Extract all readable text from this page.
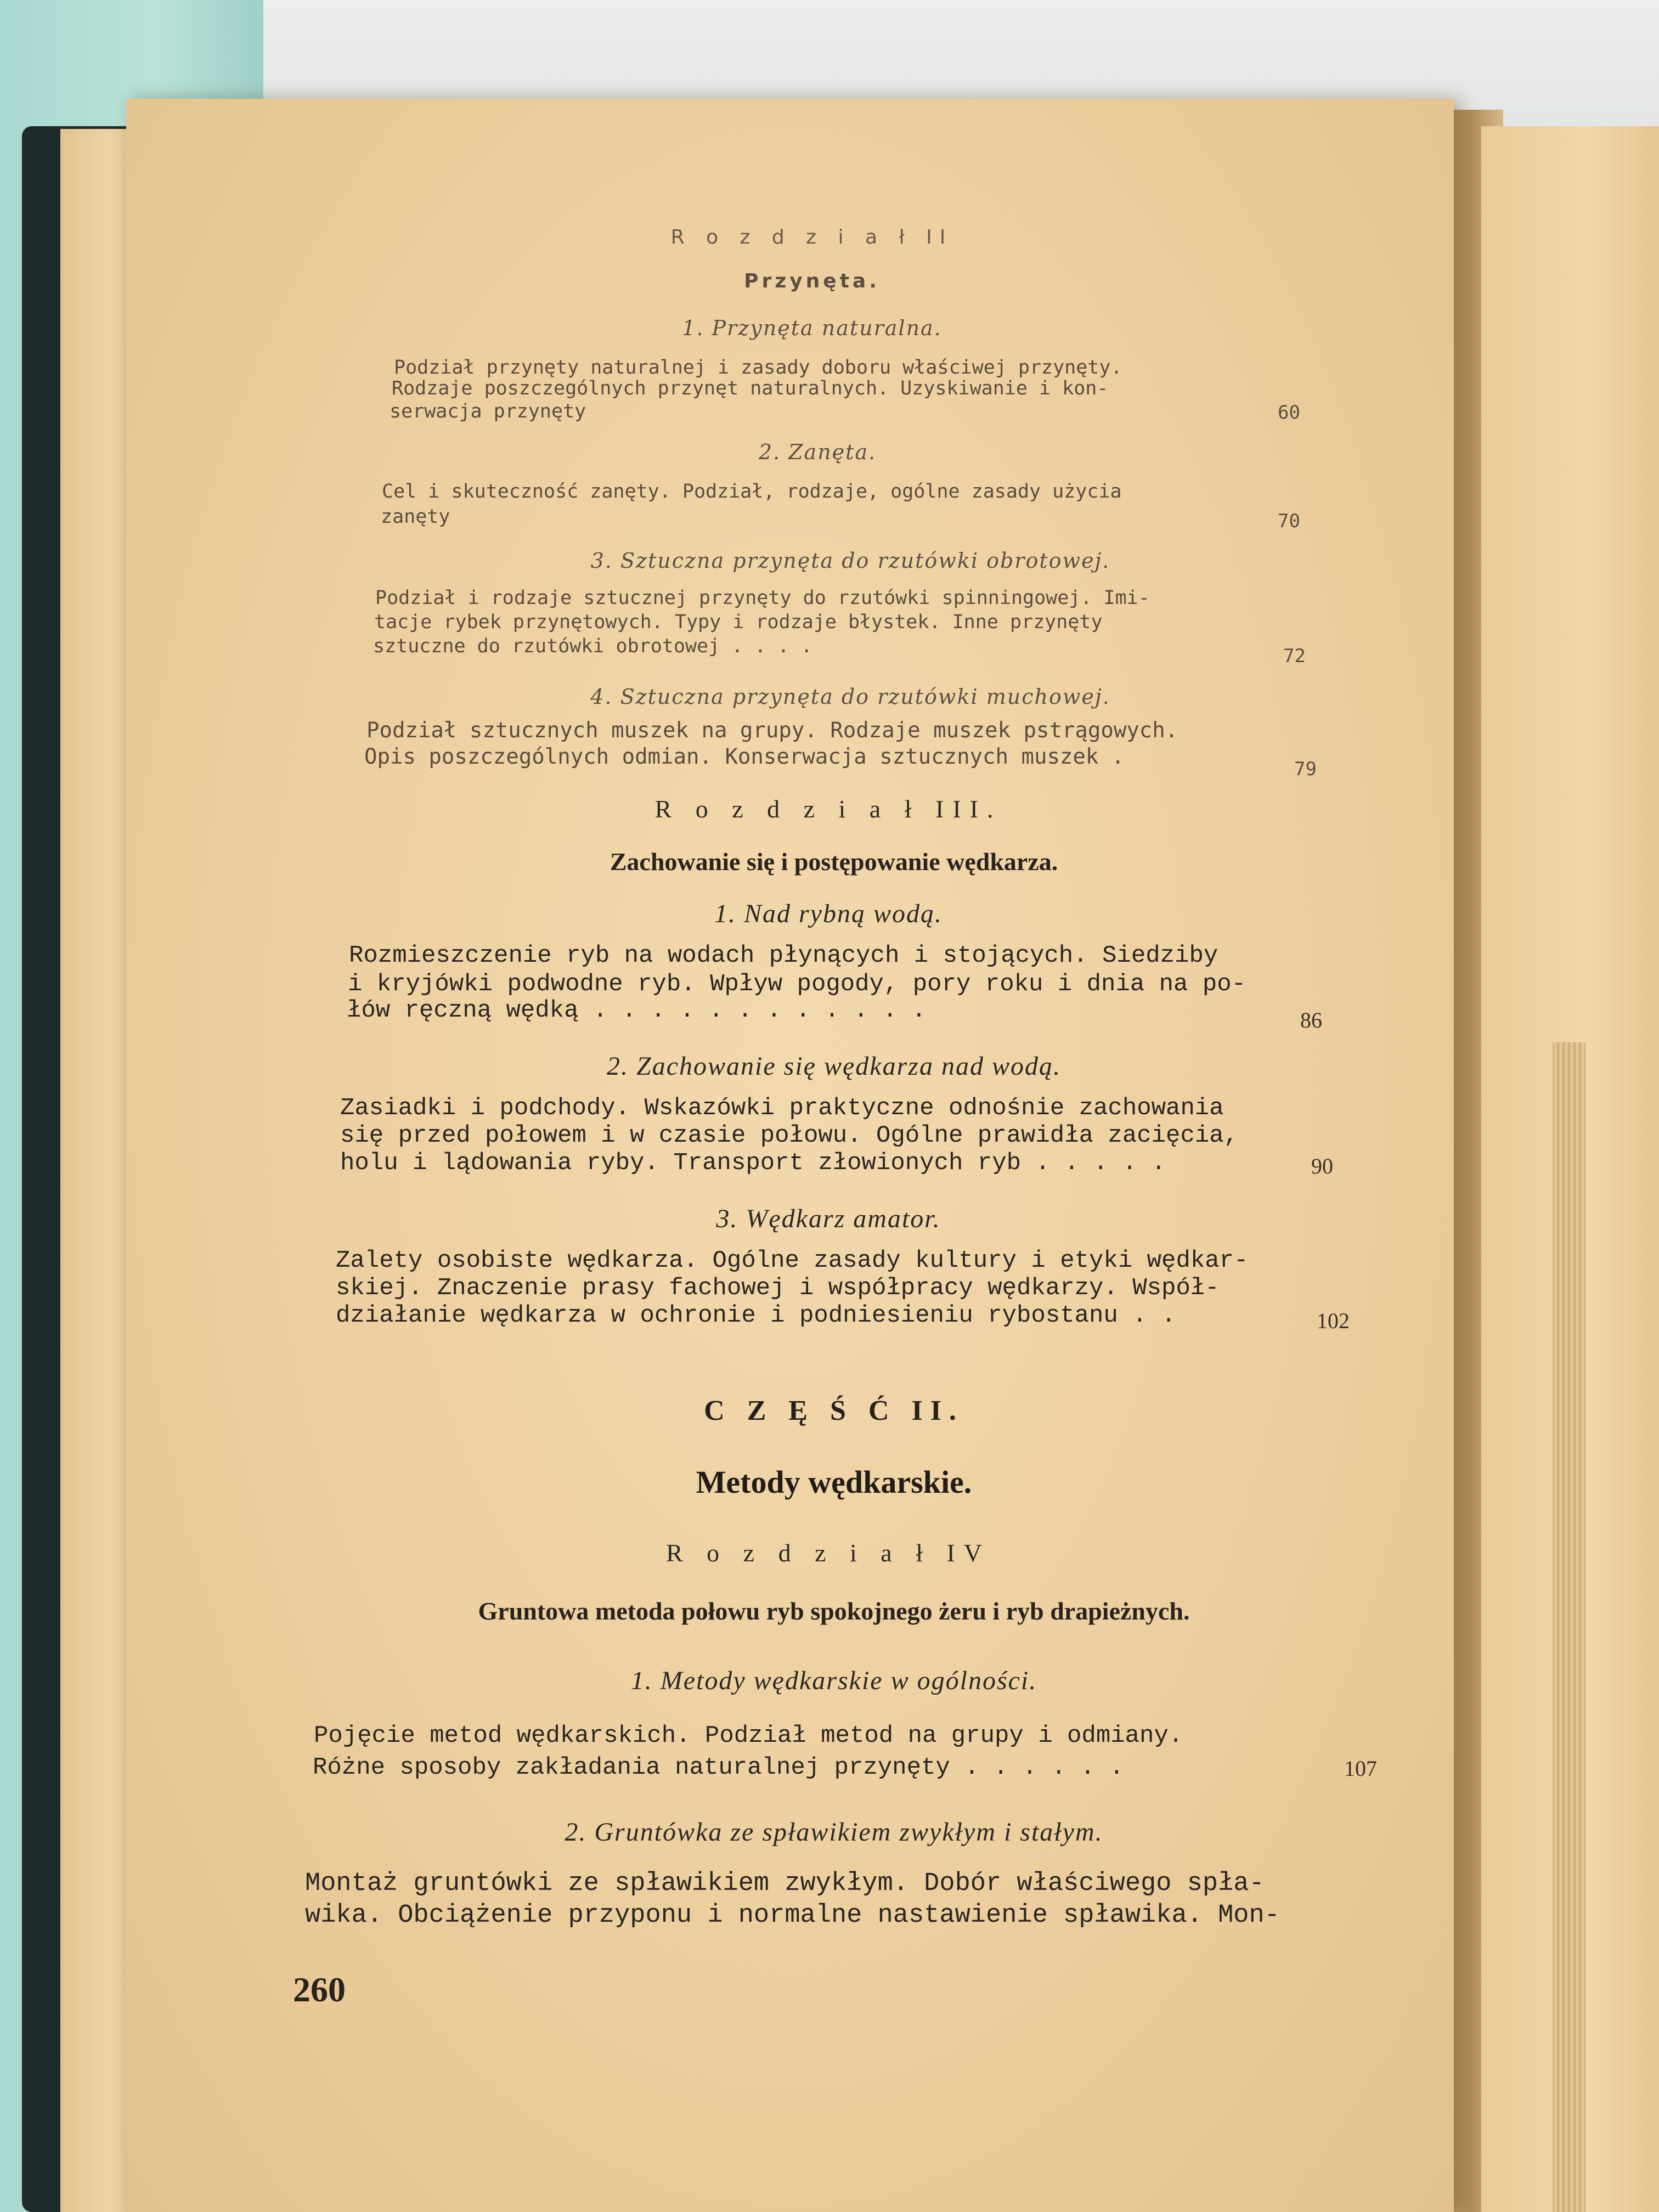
R o z d z i a ł II
Przynęta.
1. Przynęta naturalna.
Podział przynęty naturalnej i zasady doboru właściwej przynęty.
Rodzaje poszczególnych przynęt naturalnych. Uzyskiwanie i kon-
serwacja przynęty	60
2. Zanęta.
Cel i skuteczność zanęty. Podział, rodzaje, ogólne zasady użycia
zanęty	70
3. Sztuczna przynęta do rzutówki obrotowej.
Podział i rodzaje sztucznej przynęty do rzutówki spinningowej. Imi-
tacje rybek przynętowych. Typy i rodzaje błystek. Inne przynęty
sztuczne do rzutówki obrotowej . . . .	72
4. Sztuczna przynęta do rzutówki muchowej.
Podział sztucznych muszek na grupy. Rodzaje muszek pstrągowych.
Opis poszczególnych odmian. Konserwacja sztucznych muszek .	79
R o z d z i a ł III.
Zachowanie się i postępowanie wędkarza.
1. Nad rybną wodą.
Rozmieszczenie ryb na wodach płynących i stojących. Siedziby
i kryjówki podwodne ryb. Wpływ pogody, pory roku i dnia na po-
łów ręczną wędką . . . . . . . . . . . .	86
2. Zachowanie się wędkarza nad wodą.
Zasiadki i podchody. Wskazówki praktyczne odnośnie zachowania
się przed połowem i w czasie połowu. Ogólne prawidła zacięcia,
holu i lądowania ryby. Transport złowionych ryb . . . . .	90
3. Wędkarz amator.
Zalety osobiste wędkarza. Ogólne zasady kultury i etyki wędkar-
skiej. Znaczenie prasy fachowej i współpracy wędkarzy. Współ-
działanie wędkarza w ochronie i podniesieniu rybostanu . .	102
C Z Ę Ś Ć II.
Metody wędkarskie.
R o z d z i a ł IV
Gruntowa metoda połowu ryb spokojnego żeru i ryb drapieżnych.
1. Metody wędkarskie w ogólności.
Pojęcie metod wędkarskich. Podział metod na grupy i odmiany.
Różne sposoby zakładania naturalnej przynęty . . . . . .	107
2. Gruntówka ze spławikiem zwykłym i stałym.
Montaż gruntówki ze spławikiem zwykłym. Dobór właściwego spła-
wika. Obciążenie przyponu i normalne nastawienie spławika. Mon-
260
